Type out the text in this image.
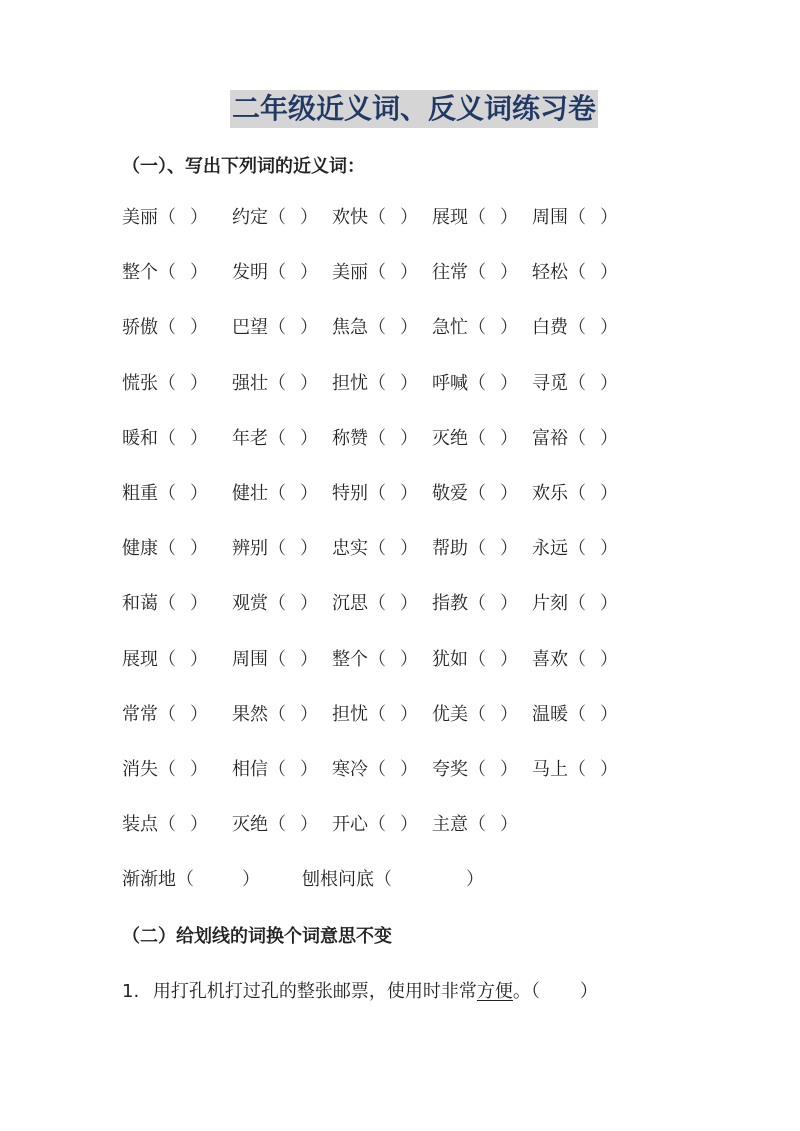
二年级近义词、反义词练习卷
（一）、写出下列词的近义词：
美丽（ ） 约定（ ） 欢快（ ） 展现（ ） 周围（ ）
整个（ ） 发明（ ） 美丽（ ） 往常（ ） 轻松（ ）
骄傲（ ） 巴望（ ） 焦急（ ） 急忙（ ） 白费（ ）
慌张（ ） 强壮（ ） 担忧（ ） 呼喊（ ） 寻觅（ ）
暖和（ ） 年老（ ） 称赞（ ） 灭绝（ ） 富裕（ ）
粗重（ ） 健壮（ ） 特别（ ） 敬爱（ ） 欢乐（ ）
健康（ ） 辨别（ ） 忠实（ ） 帮助（ ） 永远（ ）
和蔼（ ） 观赏（ ） 沉思（ ） 指教（ ） 片刻（ ）
展现（ ） 周围（ ） 整个（ ） 犹如（ ） 喜欢（ ）
常常（ ） 果然（ ） 担忧（ ） 优美（ ） 温暖（ ）
消失（ ） 相信（ ） 寒冷（ ） 夸奖（ ） 马上（ ）
装点（ ） 灭绝（ ） 开心（ ） 主意（ ）
渐渐地（	） 刨根问底（	）
（二）给划线的词换个词意思不变
1. 用打孔机打过孔的整张邮票，使用时非常方便。（ ）
